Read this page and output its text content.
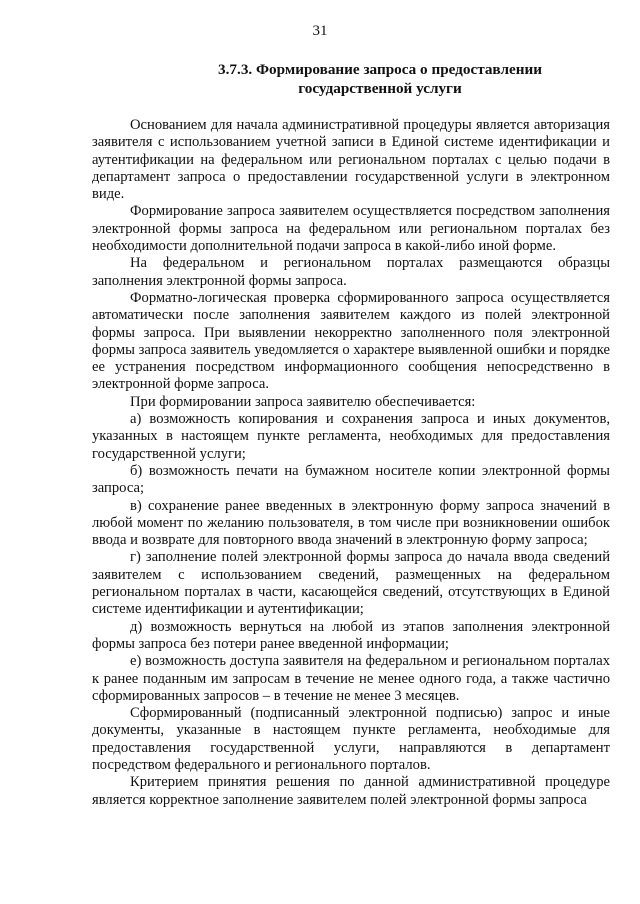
31
3.7.3. Формирование запроса о предоставлении
государственной услуги

Основанием для начала административной процедуры является авторизация заявителя с использованием учетной записи в Единой системе идентификации и аутентификации на федеральном или региональном порталах с целью подачи в департамент запроса о предоставлении государственной услуги в электронном виде.

Формирование запроса заявителем осуществляется посредством заполнения электронной формы запроса на федеральном или региональном порталах без необходимости дополнительной подачи запроса в какой-либо иной форме.

На федеральном и региональном порталах размещаются образцы заполнения электронной формы запроса.

Форматно-логическая проверка сформированного запроса осуществляется автоматически после заполнения заявителем каждого из полей электронной формы запроса. При выявлении некорректно заполненного поля электронной формы запроса заявитель уведомляется о характере выявленной ошибки и порядке ее устранения посредством информационного сообщения непосредственно в электронной форме запроса.

При формировании запроса заявителю обеспечивается:

а) возможность копирования и сохранения запроса и иных документов, указанных в настоящем пункте регламента, необходимых для предоставления государственной услуги;

б) возможность печати на бумажном носителе копии электронной формы запроса;

в) сохранение ранее введенных в электронную форму запроса значений в любой момент по желанию пользователя, в том числе при возникновении ошибок ввода и возврате для повторного ввода значений в электронную форму запроса;

г) заполнение полей электронной формы запроса до начала ввода сведений заявителем с использованием сведений, размещенных на федеральном региональном порталах в части, касающейся сведений, отсутствующих в Единой системе идентификации и аутентификации;

д) возможность вернуться на любой из этапов заполнения электронной формы запроса без потери ранее введенной информации;

е) возможность доступа заявителя на федеральном и региональном порталах к ранее поданным им запросам в течение не менее одного года, а также частично сформированных запросов – в течение не менее 3 месяцев.

Сформированный (подписанный электронной подписью) запрос и иные документы, указанные в настоящем пункте регламента, необходимые для предоставления государственной услуги, направляются в департамент посредством федерального и регионального порталов.

Критерием принятия решения по данной административной процедуре является корректное заполнение заявителем полей электронной формы запроса
